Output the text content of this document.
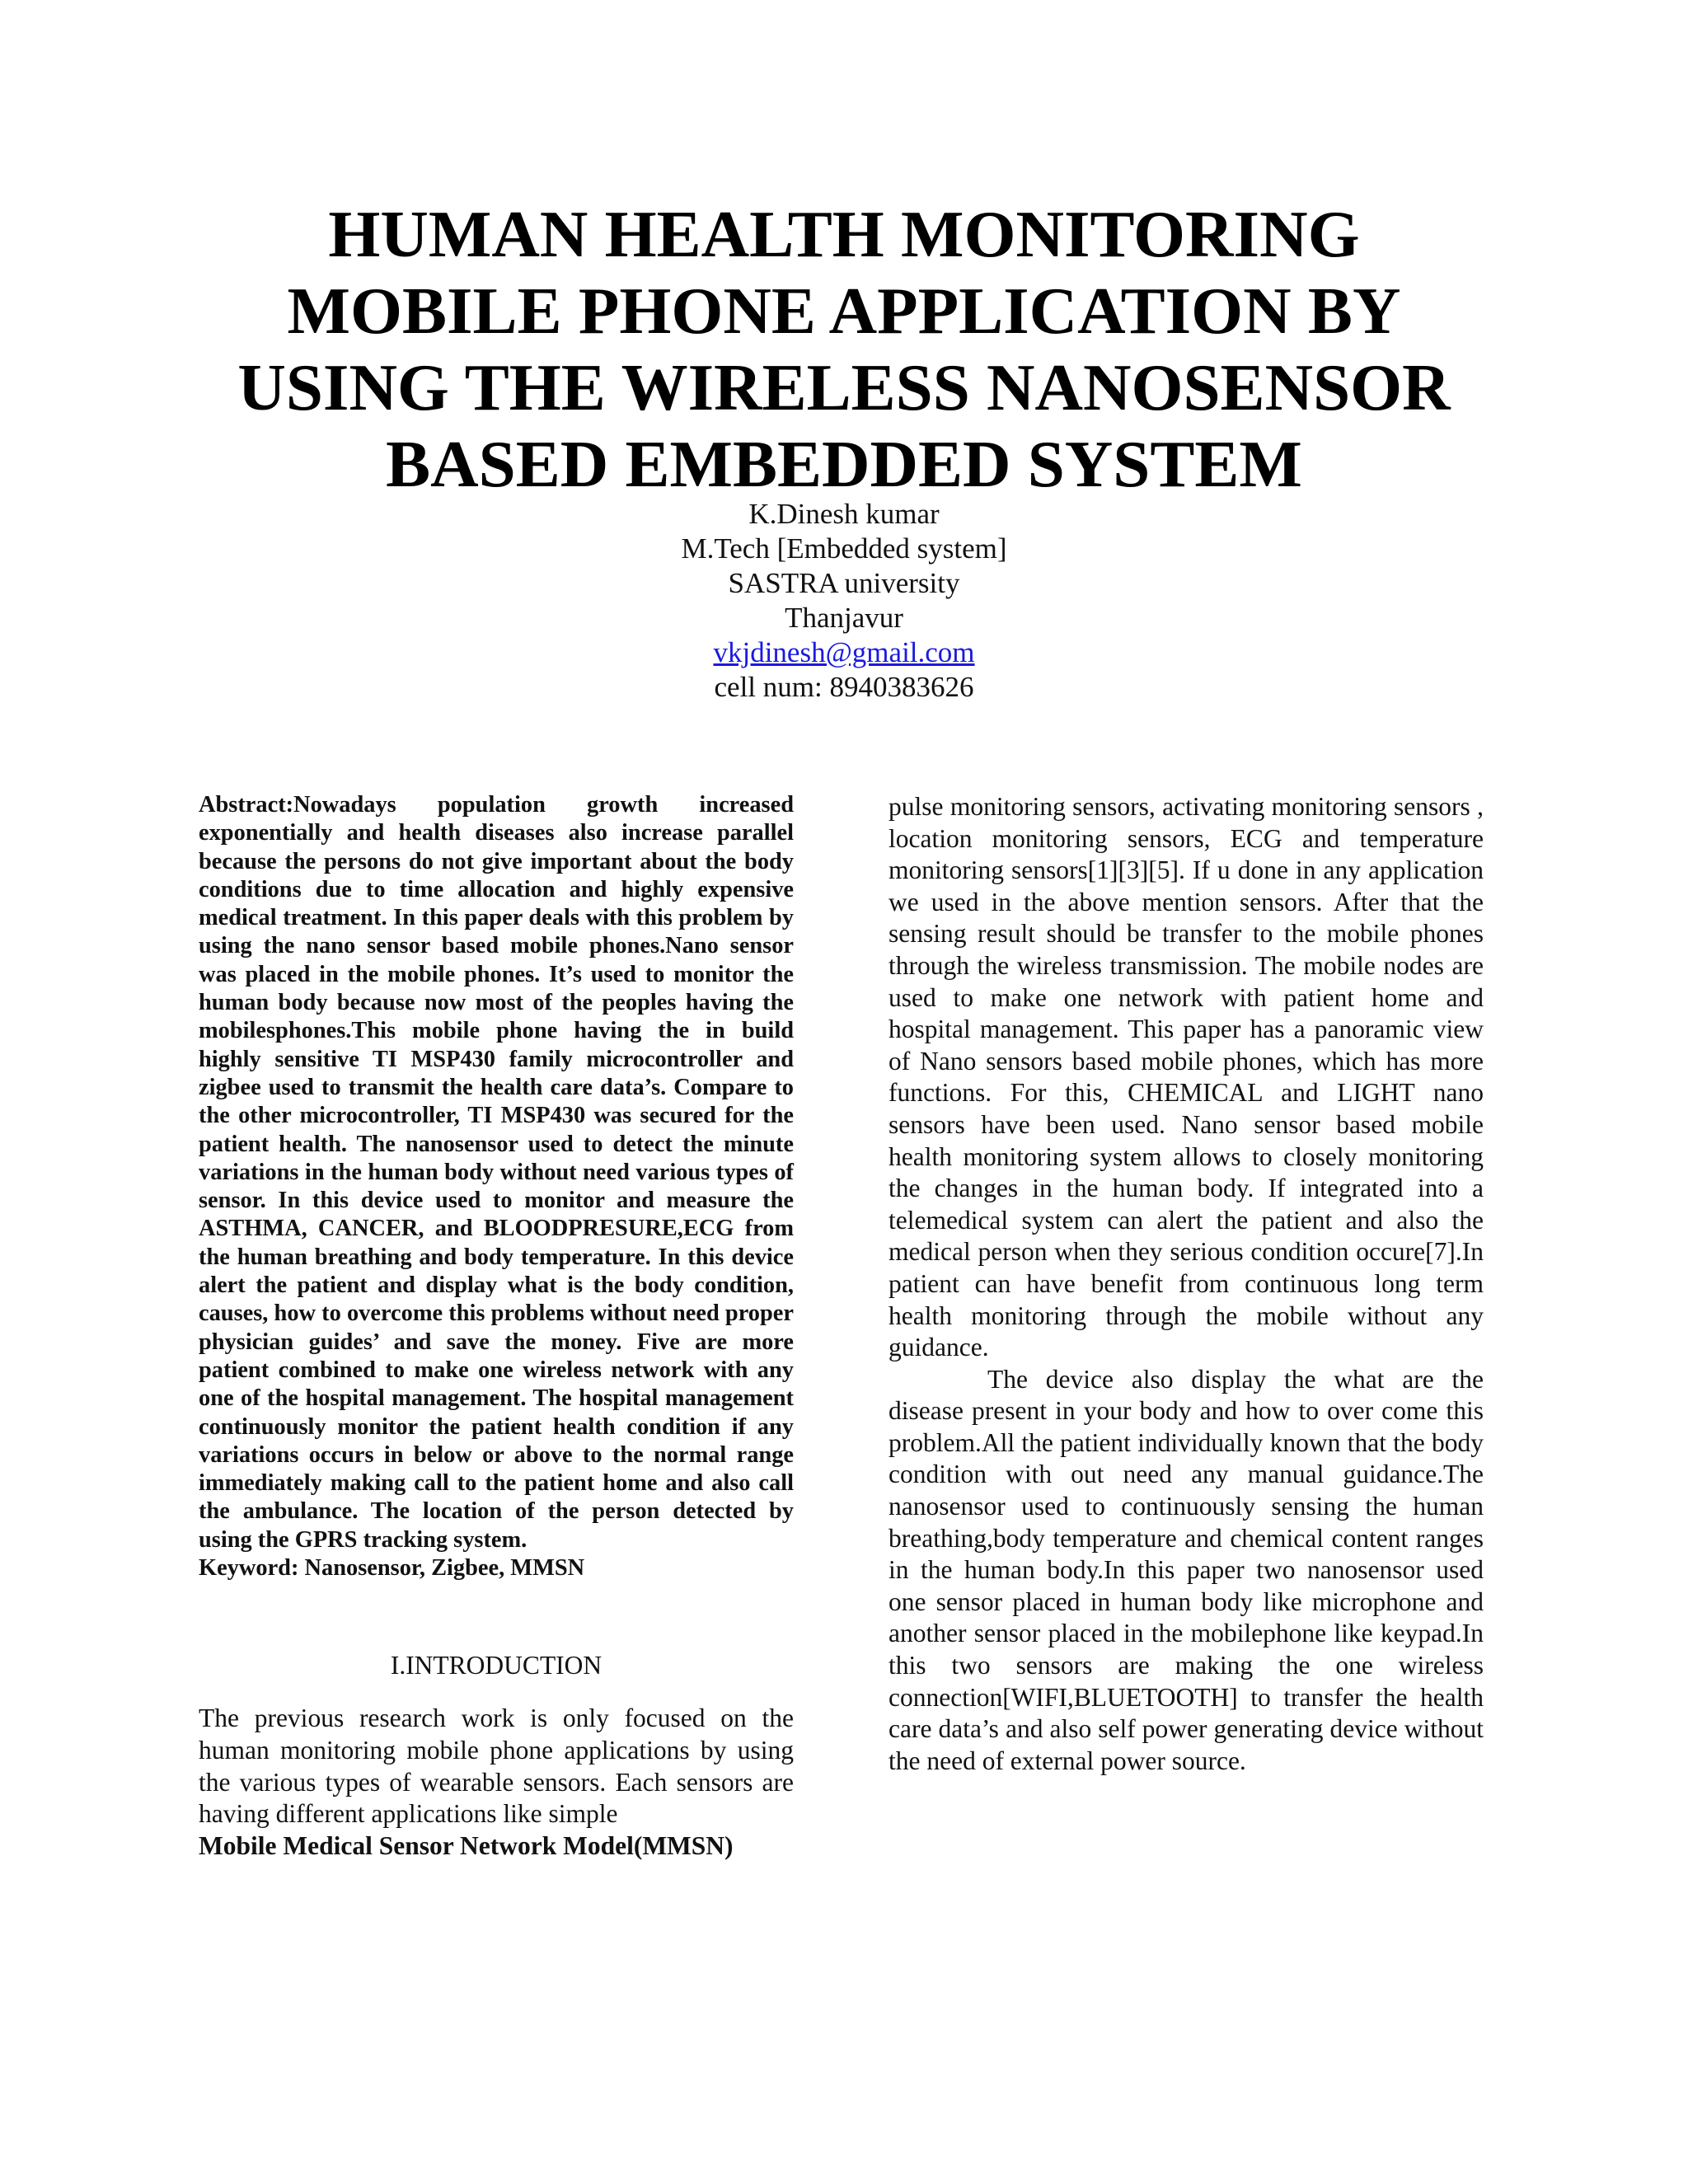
HUMAN HEALTH MONITORING
MOBILE PHONE APPLICATION BY
USING THE WIRELESS NANOSENSOR
BASED EMBEDDED SYSTEM
K.Dinesh kumar
M.Tech [Embedded system]
SASTRA university
Thanjavur
vkjdinesh@gmail.com
cell num: 8940383626

Abstract:Nowadays population growth increased exponentially and health diseases also increase parallel because the persons do not give important about the body conditions due to time allocation and highly expensive medical treatment. In this paper deals with this problem by using the nano sensor based mobile phones.Nano sensor was placed in the mobile phones. It’s used to monitor the human body because now most of the peoples having the mobilesphones.This mobile phone having the in build highly sensitive TI MSP430 family microcontroller and zigbee used to transmit the health care data’s. Compare to the other microcontroller, TI MSP430 was secured for the patient health. The nanosensor used to detect the minute variations in the human body without need various types of sensor. In this device used to monitor and measure the ASTHMA, CANCER, and BLOODPRESURE,ECG from the human breathing and body temperature. In this device alert the patient and display what is the body condition, causes, how to overcome this problems without need proper physician guides’ and save the money. Five are more patient combined to make one wireless network with any one of the hospital management. The hospital management continuously monitor the patient health condition if any variations occurs in below or above to the normal range immediately making call to the patient home and also call the ambulance. The location of the person detected by using the GPRS tracking system.

Keyword: Nanosensor, Zigbee, MMSN

I.INTRODUCTION

The previous research work is only focused on the human monitoring mobile phone applications by using the various types of wearable sensors. Each sensors are having different applications like simple

Mobile Medical Sensor Network Model(MMSN)

pulse monitoring sensors, activating monitoring sensors , location monitoring sensors, ECG and temperature monitoring sensors[1][3][5]. If u done in any application we used in the above mention sensors. After that the sensing result should be transfer to the mobile phones through the wireless transmission. The mobile nodes are used to make one network with patient home and hospital management. This paper has a panoramic view of Nano sensors based mobile phones, which has more functions. For this, CHEMICAL and LIGHT nano sensors have been used. Nano sensor based mobile health monitoring system allows to closely monitoring the changes in the human body. If integrated into a telemedical system can alert the patient and also the medical person when they serious condition occure[7].In patient can have benefit from continuous long term health monitoring through the mobile without any guidance.

The device also display the what are the disease present in your body and how to over come this problem.All the patient individually known that the body condition with out need any manual guidance.The nanosensor used to continuously sensing the human breathing,body temperature and chemical content ranges in the human body.In this paper two nanosensor used one sensor placed in human body like microphone and another sensor placed in the mobilephone like keypad.In this two sensors are making the one wireless connection[WIFI,BLUETOOTH] to transfer the health care data’s and also self power generating device without the need of external power source.
